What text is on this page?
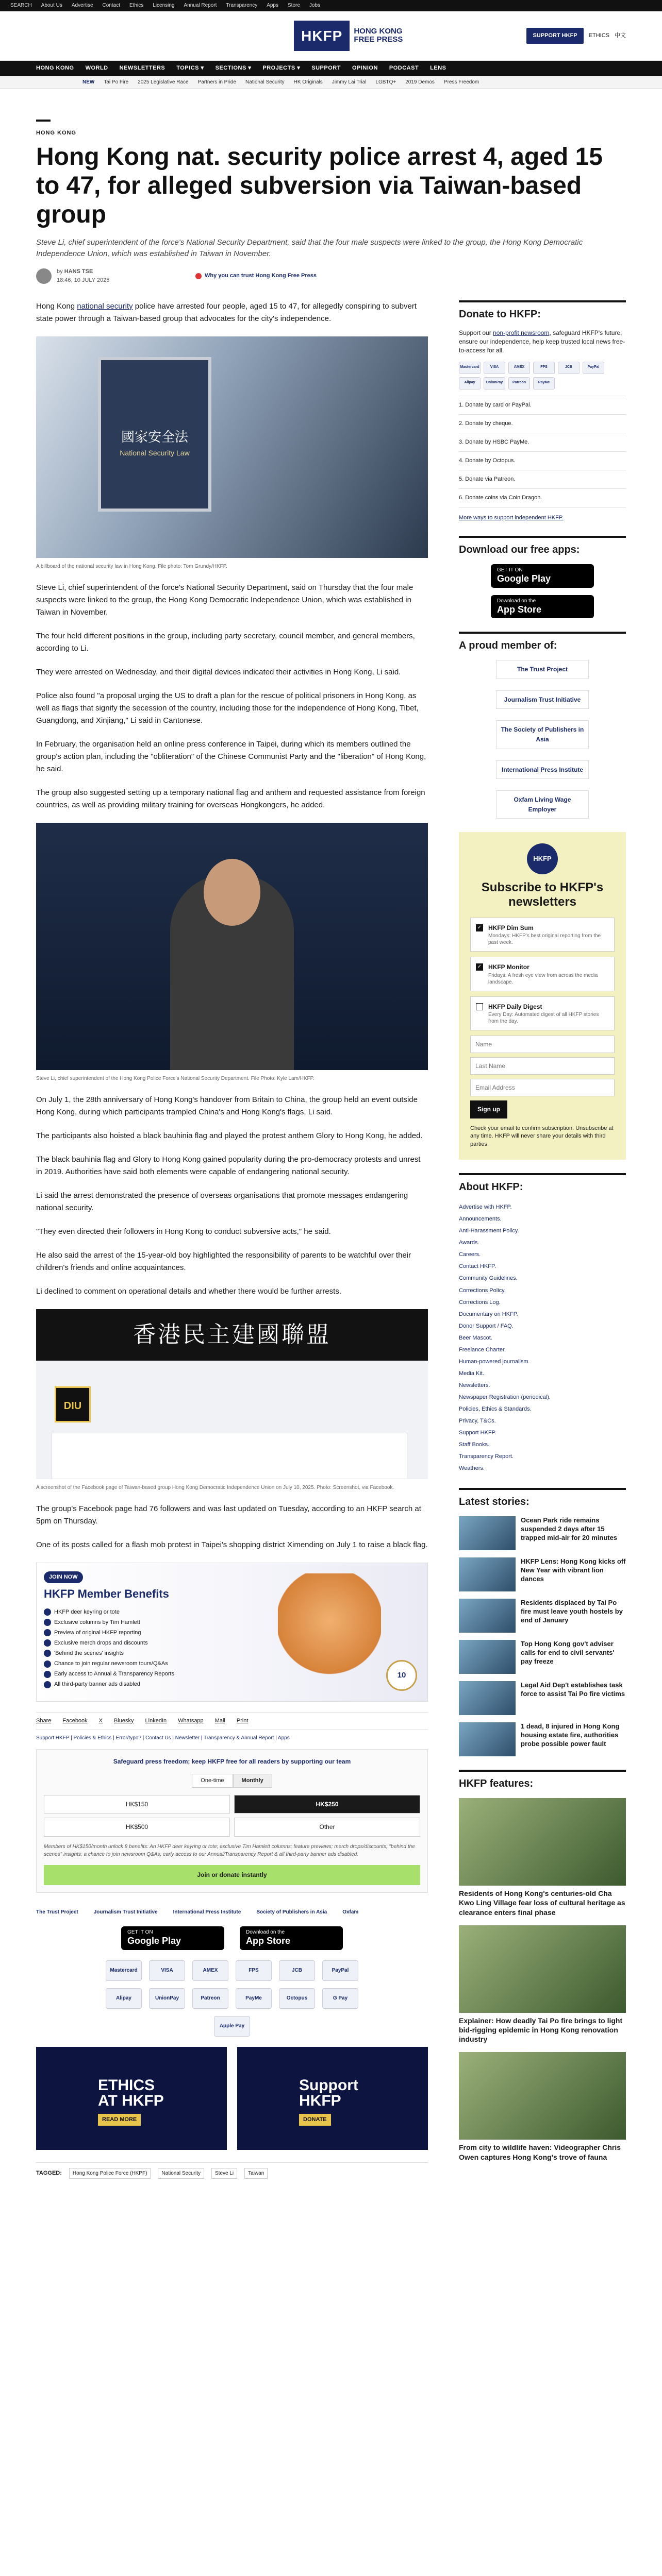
SEARCH About Us Advertise Contact Ethics Licensing Annual Report Transparency Apps Store Jobs
HKFP	HONG KONG
FREE PRESS	SUPPORT HKFP	ETHICS 中文
HONG KONG WORLD NEWSLETTERS TOPICS ▾ SECTIONS ▾ PROJECTS ▾ SUPPORT OPINION PODCAST LENS
NEW Tai Po Fire 2025 Legislative Race Partners in Pride National Security HK Originals Jimmy Lai Trial LGBTQ+ 2019 Demos Press Freedom
HONG KONG
Hong Kong nat. security police arrest 4, aged 15 to 47, for alleged subversion via Taiwan-based group

Steve Li, chief superintendent of the force's National Security Department, said that the four male suspects were linked to the group, the Hong Kong Democratic Independence Union, which was established in Taiwan in November.

by HANS TSE
18:46, 10 JULY 2025
Why you can trust Hong Kong Free Press

Hong Kong national security police have arrested four people, aged 15 to 47, for allegedly conspiring to subvert state power through a Taiwan-based group that advocates for the city's independence.

國家安全法
National Security Law
A billboard of the national security law in Hong Kong. File photo: Tom Grundy/HKFP.

Steve Li, chief superintendent of the force's National Security Department, said on Thursday that the four male suspects were linked to the group, the Hong Kong Democratic Independence Union, which was established in Taiwan in November.

The four held different positions in the group, including party secretary, council member, and general members, according to Li.

They were arrested on Wednesday, and their digital devices indicated their activities in Hong Kong, Li said.

Police also found "a proposal urging the US to draft a plan for the rescue of political prisoners in Hong Kong, as well as flags that signify the secession of the country, including those for the independence of Hong Kong, Tibet, Guangdong, and Xinjiang," Li said in Cantonese.

In February, the organisation held an online press conference in Taipei, during which its members outlined the group's action plan, including the "obliteration" of the Chinese Communist Party and the "liberation" of Hong Kong, he said.

The group also suggested setting up a temporary national flag and anthem and requested assistance from foreign countries, as well as providing military training for overseas Hongkongers, he added.

Steve Li, chief superintendent of the Hong Kong Police Force's National Security Department. File Photo: Kyle Lam/HKFP.

On July 1, the 28th anniversary of Hong Kong's handover from Britain to China, the group held an event outside Hong Kong, during which participants trampled China's and Hong Kong's flags, Li said.

The participants also hoisted a black bauhinia flag and played the protest anthem Glory to Hong Kong, he added.

The black bauhinia flag and Glory to Hong Kong gained popularity during the pro-democracy protests and unrest in 2019. Authorities have said both elements were capable of endangering national security.

Li said the arrest demonstrated the presence of overseas organisations that promote messages endangering national security.

"They even directed their followers in Hong Kong to conduct subversive acts," he said.

He also said the arrest of the 15-year-old boy highlighted the responsibility of parents to be watchful over their children's friends and online acquaintances.

Li declined to comment on operational details and whether there would be further arrests.

香港民主建國聯盟
DIU
A screenshot of the Facebook page of Taiwan-based group Hong Kong Democratic Independence Union on July 10, 2025. Photo: Screenshot, via Facebook.

The group's Facebook page had 76 followers and was last updated on Tuesday, according to an HKFP search at 5pm on Thursday.

One of its posts called for a flash mob protest in Taipei's shopping district Ximending on July 1 to raise a black flag.

JOIN NOW
HKFP Member Benefits
HKFP deer keyring or tote
Exclusive columns by Tim Hamlett
Preview of original HKFP reporting
Exclusive merch drops and discounts
'Behind the scenes' insights
Chance to join regular newsroom tours/Q&As
Early access to Annual & Transparency Reports
All third-party banner ads disabled
10
Share Facebook X Bluesky LinkedIn Whatsapp Mail Print
Support HKFP | Policies & Ethics | Error/typo? | Contact Us | Newsletter | Transparency & Annual Report | Apps
Safeguard press freedom; keep HKFP free for all readers by supporting our team
One-time	Monthly
HK$150	HK$250
HK$500	Other
Members of HK$150/month unlock 8 benefits: An HKFP deer keyring or tote; exclusive Tim Hamlett columns; feature previews; merch drops/discounts; "behind the scenes" insights; a chance to join newsroom Q&As; early access to our Annual/Transparency Report & all third-party banner ads disabled.
Join or donate instantly
The Trust Project	Journalism Trust Initiative	International Press Institute	Society of Publishers in Asia	Oxfam
GET IT ON
Google Play
Download on the
App Store
Mastercard	VISA	AMEX	FPS	JCB	PayPal
Alipay	UnionPay	Patreon	PayMe	Octopus	G Pay
Apple Pay
ETHICS
AT HKFP
READ MORE
Support
HKFP
DONATE
TAGGED:	Hong Kong Police Force (HKPF)	National Security	Steve Li	Taiwan
Donate to HKFP:

Support our non-profit newsroom, safeguard HKFP's future, ensure our independence, help keep trusted local news free-to-access for all.

Mastercard	VISA	AMEX	FPS	JCB	PayPal
Alipay	UnionPay	Patreon	PayMe
1. Donate by card or PayPal.
2. Donate by cheque.
3. Donate by HSBC PayMe.
4. Donate by Octopus.
5. Donate via Patreon.
6. Donate coins via Coin Dragon.
More ways to support independent HKFP.
Download our free apps:
GET IT ON
Google Play
Download on the
App Store
A proud member of:
The Trust Project
Journalism Trust Initiative
The Society of Publishers in Asia
International Press Institute
Oxfam Living Wage Employer
HKFP
Subscribe to HKFP's newsletters
✓ HKFP Dim Sum
Mondays: HKFP's best original reporting from the past week.
✓ HKFP Monitor
Fridays: A fresh eye view from across the media landscape.
HKFP Daily Digest
Every Day: Automated digest of all HKFP stories from the day.
Name Last Name Email Address Sign up

Check your email to confirm subscription. Unsubscribe at any time. HKFP will never share your details with third parties.

About HKFP:
Advertise with HKFP.
Announcements.
Anti-Harassment Policy.
Awards.
Careers.
Contact HKFP.
Community Guidelines.
Corrections Policy.
Corrections Log.
Documentary on HKFP.
Donor Support / FAQ.
Beer Mascot.
Freelance Charter.
Human-powered journalism.
Media Kit.
Newsletters.
Newspaper Registration (periodical).
Policies, Ethics & Standards.
Privacy, T&Cs.
Support HKFP.
Staff Books.
Transparency Report.
Weathers.
Latest stories:
Ocean Park ride remains suspended 2 days after 15 trapped mid-air for 20 minutes
HKFP Lens: Hong Kong kicks off New Year with vibrant lion dances
Residents displaced by Tai Po fire must leave youth hostels by end of January
Top Hong Kong gov't adviser calls for end to civil servants' pay freeze
Legal Aid Dep't establishes task force to assist Tai Po fire victims
1 dead, 8 injured in Hong Kong housing estate fire, authorities probe possible power fault
HKFP features:
Residents of Hong Kong's centuries-old Cha Kwo Ling Village fear loss of cultural heritage as clearance enters final phase
Explainer: How deadly Tai Po fire brings to light bid-rigging epidemic in Hong Kong renovation industry
From city to wildlife haven: Videographer Chris Owen captures Hong Kong's trove of fauna
